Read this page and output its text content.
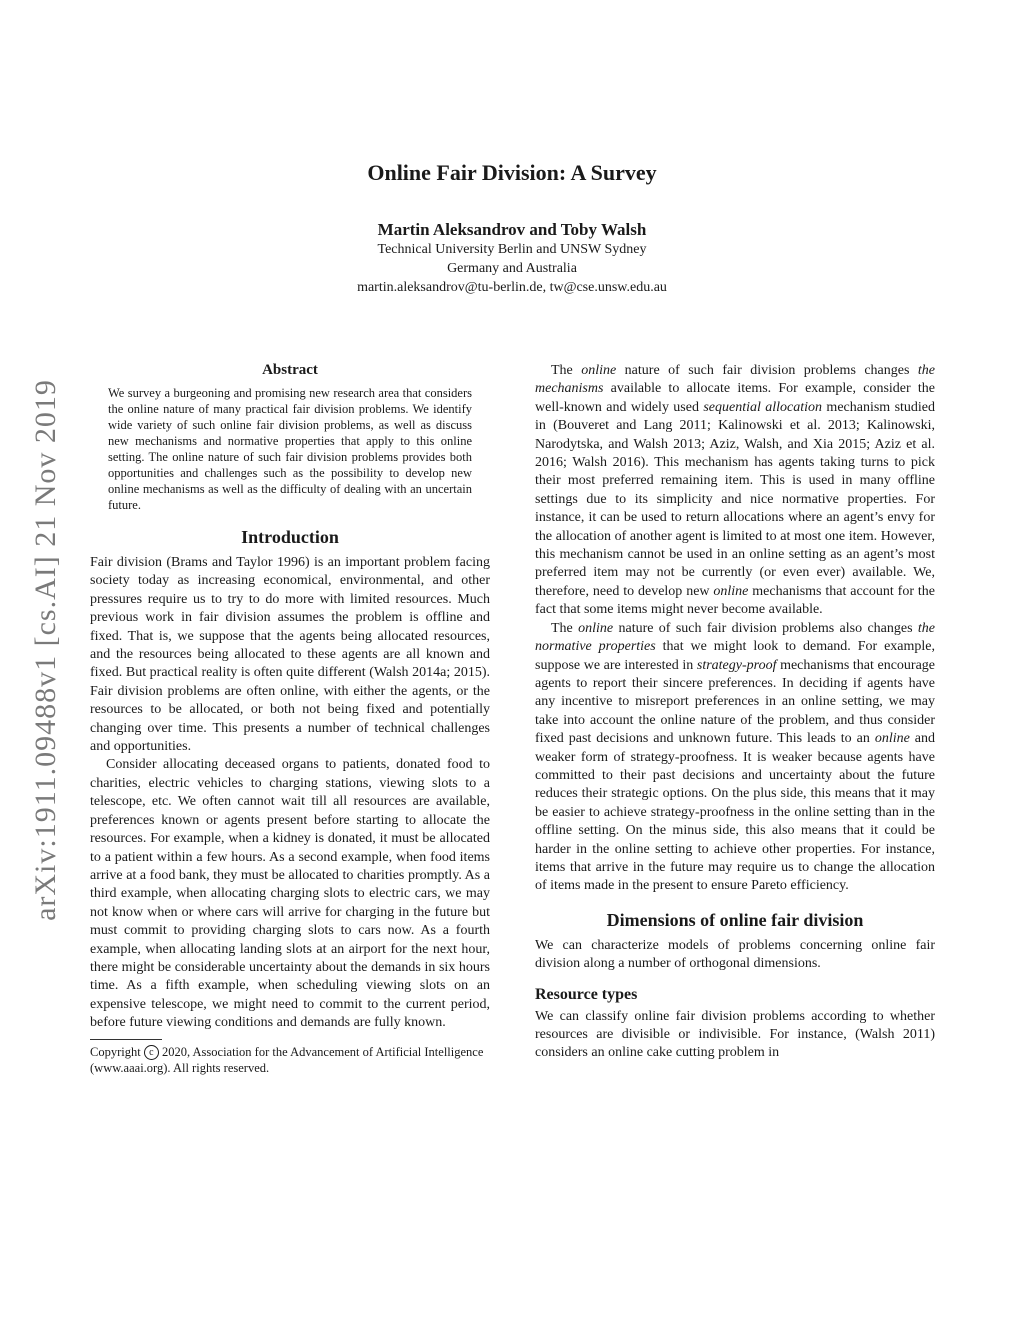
arXiv:1911.09488v1 [cs.AI] 21 Nov 2019
Online Fair Division: A Survey
Martin Aleksandrov and Toby Walsh
Technical University Berlin and UNSW Sydney
Germany and Australia
martin.aleksandrov@tu-berlin.de, tw@cse.unsw.edu.au
Abstract

We survey a burgeoning and promising new research area that considers the online nature of many practical fair division problems. We identify wide variety of such online fair division problems, as well as discuss new mechanisms and normative properties that apply to this online setting. The online nature of such fair division problems provides both opportunities and challenges such as the possibility to develop new online mechanisms as well as the difficulty of dealing with an uncertain future.

Introduction

Fair division (Brams and Taylor 1996) is an important problem facing society today as increasing economical, environmental, and other pressures require us to try to do more with limited resources. Much previous work in fair division assumes the problem is offline and fixed. That is, we suppose that the agents being allocated resources, and the resources being allocated to these agents are all known and fixed. But practical reality is often quite different (Walsh 2014a; 2015). Fair division problems are often online, with either the agents, or the resources to be allocated, or both not being fixed and potentially changing over time. This presents a number of technical challenges and opportunities.

Consider allocating deceased organs to patients, donated food to charities, electric vehicles to charging stations, viewing slots to a telescope, etc. We often cannot wait till all resources are available, preferences known or agents present before starting to allocate the resources. For example, when a kidney is donated, it must be allocated to a patient within a few hours. As a second example, when food items arrive at a food bank, they must be allocated to charities promptly. As a third example, when allocating charging slots to electric cars, we may not know when or where cars will arrive for charging in the future but must commit to providing charging slots to cars now. As a fourth example, when allocating landing slots at an airport for the next hour, there might be considerable uncertainty about the demands in six hours time. As a fifth example, when scheduling viewing slots on an expensive telescope, we might need to commit to the current period, before future viewing conditions and demands are fully known.

Copyright c 2020, Association for the Advancement of Artificial Intelligence (www.aaai.org). All rights reserved.

The online nature of such fair division problems changes the mechanisms available to allocate items. For example, consider the well-known and widely used sequential allocation mechanism studied in (Bouveret and Lang 2011; Kalinowski et al. 2013; Kalinowski, Narodytska, and Walsh 2013; Aziz, Walsh, and Xia 2015; Aziz et al. 2016; Walsh 2016). This mechanism has agents taking turns to pick their most preferred remaining item. This is used in many offline settings due to its simplicity and nice normative properties. For instance, it can be used to return allocations where an agent’s envy for the allocation of another agent is limited to at most one item. However, this mechanism cannot be used in an online setting as an agent’s most preferred item may not be currently (or even ever) available. We, therefore, need to develop new online mechanisms that account for the fact that some items might never become available.

The online nature of such fair division problems also changes the normative properties that we might look to demand. For example, suppose we are interested in strategy-proof mechanisms that encourage agents to report their sincere preferences. In deciding if agents have any incentive to misreport preferences in an online setting, we may take into account the online nature of the problem, and thus consider fixed past decisions and unknown future. This leads to an online and weaker form of strategy-proofness. It is weaker because agents have committed to their past decisions and uncertainty about the future reduces their strategic options. On the plus side, this means that it may be easier to achieve strategy-proofness in the online setting than in the offline setting. On the minus side, this also means that it could be harder in the online setting to achieve other properties. For instance, items that arrive in the future may require us to change the allocation of items made in the present to ensure Pareto efficiency.

Dimensions of online fair division

We can characterize models of problems concerning online fair division along a number of orthogonal dimensions.

Resource types

We can classify online fair division problems according to whether resources are divisible or indivisible. For instance, (Walsh 2011) considers an online cake cutting problem in
